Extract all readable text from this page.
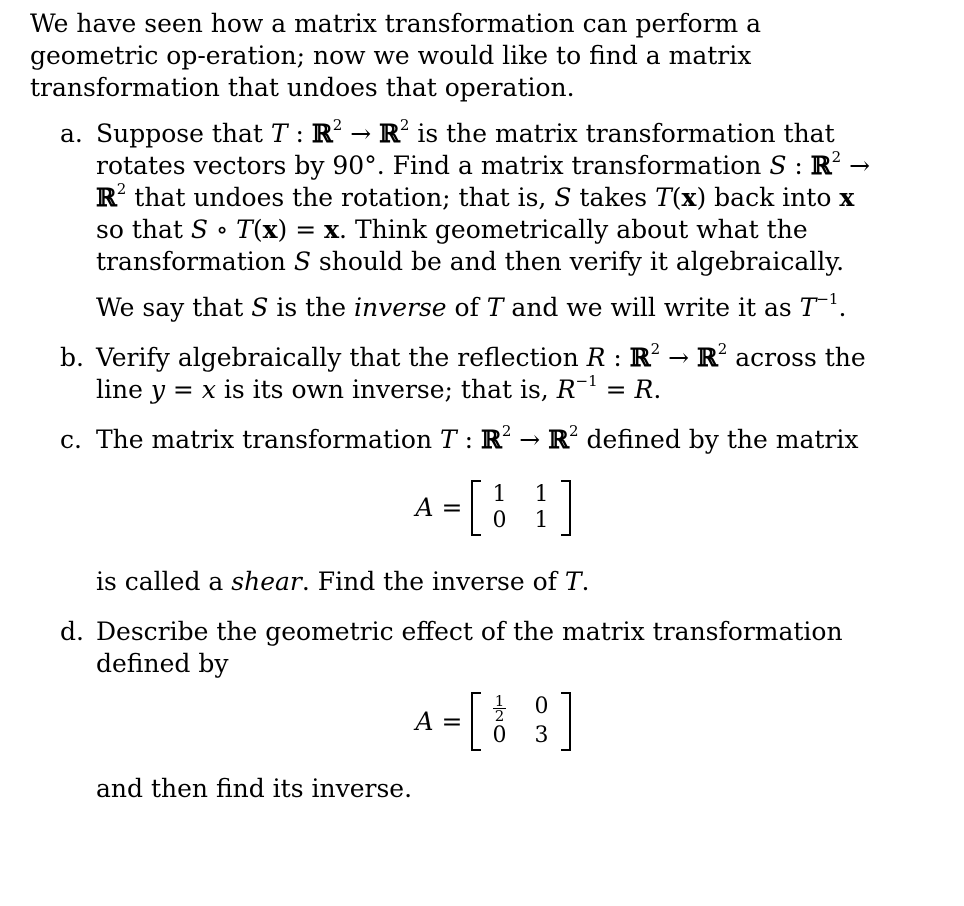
We have seen how a matrix transformation can perform a geometric op-eration; now we would like to find a matrix transformation that undoes that operation.

a. Suppose that T : ℝ$^2$ → ℝ$^2$ is the matrix transformation that rotates vectors by 90°. Find a matrix transformation S : ℝ$^2$ → ℝ$^2$ that undoes the rotation; that is, S takes T(x) back into x so that S ∘ T(x) = x. Think geometrically about what the transformation S should be and then verify it algebraically.

We say that S is the inverse of T and we will write it as $T^{-1}$.

b. Verify algebraically that the reflection R : ℝ$^2$ → ℝ$^2$ across the line y = x is its own inverse; that is, $R^{-1} = R$.

c. The matrix transformation T : ℝ$^2$ → ℝ$^2$ defined by the matrix

A =	1	1
0	1

is called a shear. Find the inverse of T.

d. Describe the geometric effect of the matrix transformation defined by

$A = \frac{1}{2}$	0
0	3

and then find its inverse.
